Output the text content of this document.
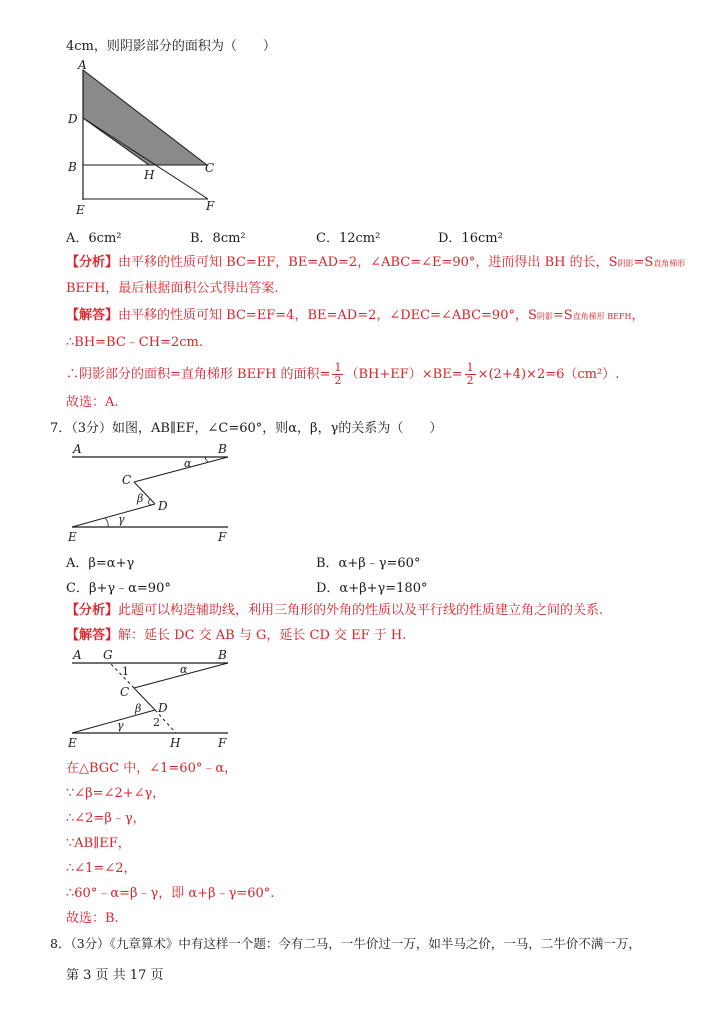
4cm，则阴影部分的面积为（　　）
A
D
B
H	C
E	F
A．6cm²	B．8cm²	C．12cm²	D．16cm²
【分析】由平移的性质可知 BC=EF，BE=AD=2，∠ABC=∠E=90°，进而得出 BH 的长，S阴影=S直角梯形
BEFH，最后根据面积公式得出答案.
【解答】由平移的性质可知 BC=EF=4，BE=AD=2，∠DEC=∠ABC=90°，S阴影=S直角梯形 BEFH，
∴BH=BC﹣CH=2cm.
∴阴影部分的面积=直角梯形 BEFH 的面积= $\frac{1}{2} (BH+EF)\times BE= \frac{1}{2} \times(2+4)\times 2=6(cm^2)$.
故选：A.
7．（3分）如图，AB∥EF，∠C=60°，则α，β，γ的关系为（　　）
A	B
α
C
β
D
γ
E	F
A．β=α+γ	B．α+β﹣γ=60°
C．β+γ﹣α=90°	D．α+β+γ=180°
【分析】此题可以构造辅助线，利用三角形的外角的性质以及平行线的性质建立角之间的关系.
【解答】解：延长 DC 交 AB 与 G，延长 CD 交 EF 于 H.
A G	B
1	α
C
β D
γ	2
E	H	F
在△BGC 中，∠1=60°﹣α，
∵∠β=∠2+∠γ，
∴∠2=β﹣γ，
∵AB∥EF，
∴∠1=∠2，
∴60°﹣α=β﹣γ，即 α+β﹣γ=60°.
故选：B.
8．（3分）《九章算术》中有这样一个题：今有二马，一牛价过一万，如半马之价，一马，二牛价不满一万，
第 3 页 共 17 页
